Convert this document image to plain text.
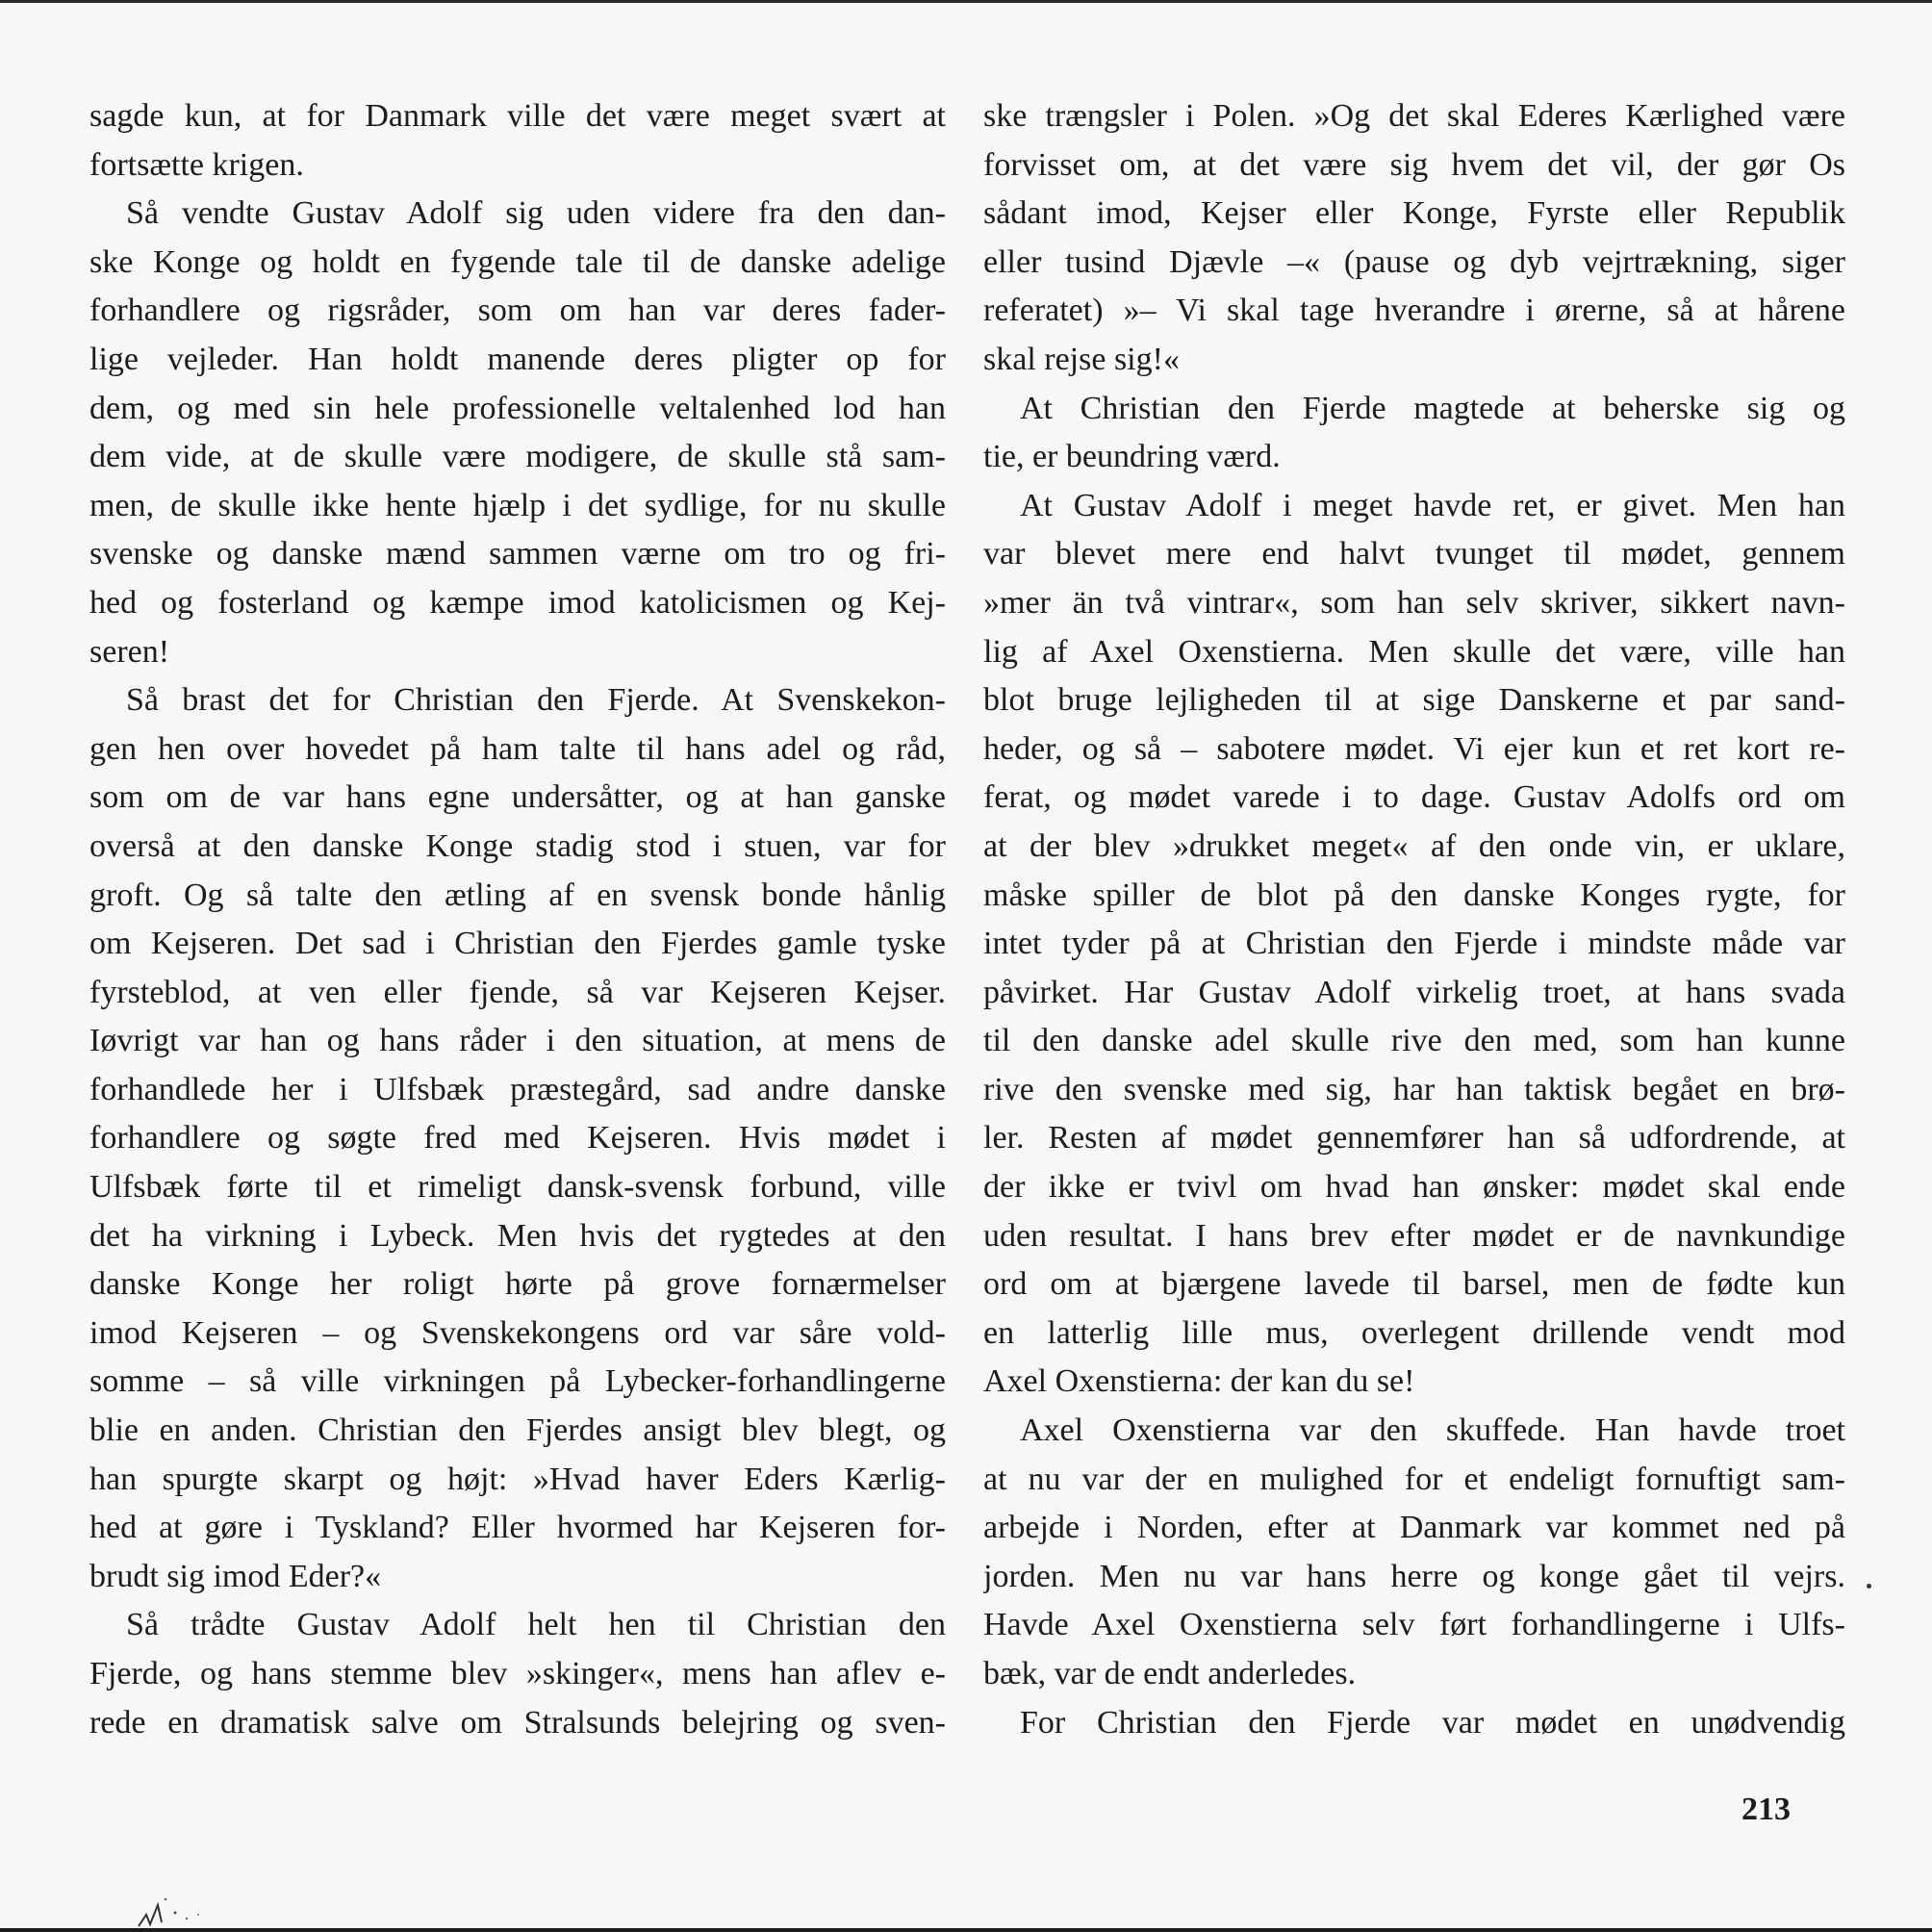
sagde kun, at for Danmark ville det være meget svært at
fortsætte krigen.
Så vendte Gustav Adolf sig uden videre fra den dan-
ske Konge og holdt en fygende tale til de danske adelige
forhandlere og rigsråder, som om han var deres fader-
lige vejleder. Han holdt manende deres pligter op for
dem, og med sin hele professionelle veltalenhed lod han
dem vide, at de skulle være modigere, de skulle stå sam-
men, de skulle ikke hente hjælp i det sydlige, for nu skulle
svenske og danske mænd sammen værne om tro og fri-
hed og fosterland og kæmpe imod katolicismen og Kej-
seren!
Så brast det for Christian den Fjerde. At Svenskekon-
gen hen over hovedet på ham talte til hans adel og råd,
som om de var hans egne undersåtter, og at han ganske
overså at den danske Konge stadig stod i stuen, var for
groft. Og så talte den ætling af en svensk bonde hånlig
om Kejseren. Det sad i Christian den Fjerdes gamle tyske
fyrsteblod, at ven eller fjende, så var Kejseren Kejser.
Iøvrigt var han og hans råder i den situation, at mens de
forhandlede her i Ulfsbæk præstegård, sad andre danske
forhandlere og søgte fred med Kejseren. Hvis mødet i
Ulfsbæk førte til et rimeligt dansk-svensk forbund, ville
det ha virkning i Lybeck. Men hvis det rygtedes at den
danske Konge her roligt hørte på grove fornærmelser
imod Kejseren – og Svenskekongens ord var såre vold-
somme – så ville virkningen på Lybecker-forhandlingerne
blie en anden. Christian den Fjerdes ansigt blev blegt, og
han spurgte skarpt og højt: »Hvad haver Eders Kærlig-
hed at gøre i Tyskland? Eller hvormed har Kejseren for-
brudt sig imod Eder?«
Så trådte Gustav Adolf helt hen til Christian den
Fjerde, og hans stemme blev »skinger«, mens han aflev e-
rede en dramatisk salve om Stralsunds belejring og sven-
ske trængsler i Polen. »Og det skal Ederes Kærlighed være
forvisset om, at det være sig hvem det vil, der gør Os
sådant imod, Kejser eller Konge, Fyrste eller Republik
eller tusind Djævle –« (pause og dyb vejrtrækning, siger
referatet) »– Vi skal tage hverandre i ørerne, så at hårene
skal rejse sig!«
At Christian den Fjerde magtede at beherske sig og
tie, er beundring værd.
At Gustav Adolf i meget havde ret, er givet. Men han
var blevet mere end halvt tvunget til mødet, gennem
»mer än två vintrar«, som han selv skriver, sikkert navn-
lig af Axel Oxenstierna. Men skulle det være, ville han
blot bruge lejligheden til at sige Danskerne et par sand-
heder, og så – sabotere mødet. Vi ejer kun et ret kort re-
ferat, og mødet varede i to dage. Gustav Adolfs ord om
at der blev »drukket meget« af den onde vin, er uklare,
måske spiller de blot på den danske Konges rygte, for
intet tyder på at Christian den Fjerde i mindste måde var
påvirket. Har Gustav Adolf virkelig troet, at hans svada
til den danske adel skulle rive den med, som han kunne
rive den svenske med sig, har han taktisk begået en brø-
ler. Resten af mødet gennemfører han så udfordrende, at
der ikke er tvivl om hvad han ønsker: mødet skal ende
uden resultat. I hans brev efter mødet er de navnkundige
ord om at bjærgene lavede til barsel, men de fødte kun
en latterlig lille mus, overlegent drillende vendt mod
Axel Oxenstierna: der kan du se!
Axel Oxenstierna var den skuffede. Han havde troet
at nu var der en mulighed for et endeligt fornuftigt sam-
arbejde i Norden, efter at Danmark var kommet ned på
jorden. Men nu var hans herre og konge gået til vejrs.
Havde Axel Oxenstierna selv ført forhandlingerne i Ulfs-
bæk, var de endt anderledes.
For Christian den Fjerde var mødet en unødvendig
213
